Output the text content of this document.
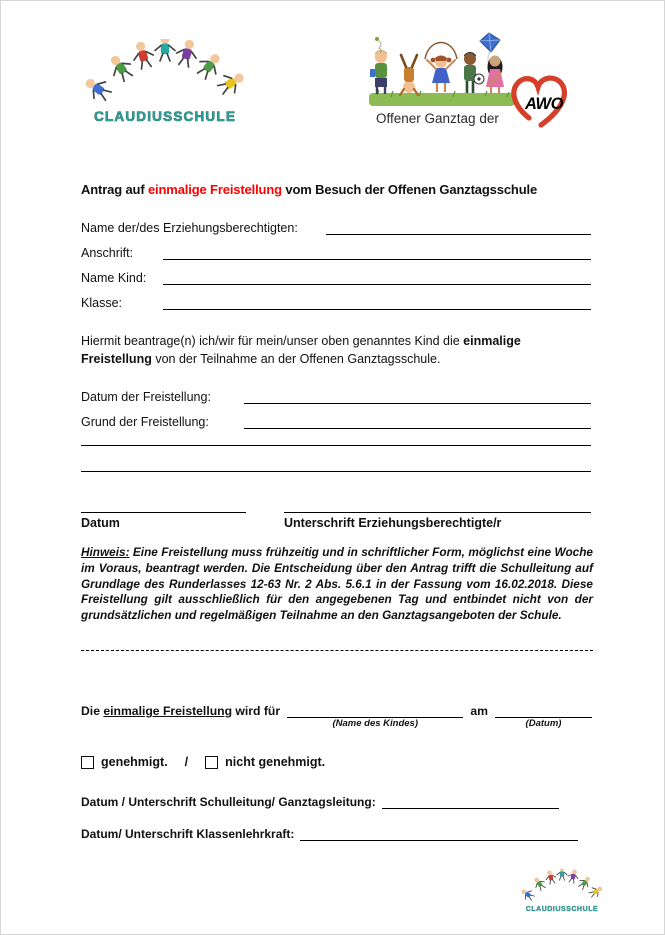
Offener Ganztag der
AWO
Antrag auf einmalige Freistellung vom Besuch der Offenen Ganztagsschule
Name der/des Erziehungsberechtigten:
Anschrift:
Name Kind:
Klasse:
Hiermit beantrage(n) ich/wir für mein/unser oben genanntes Kind die einmalige Freistellung von der Teilnahme an der Offenen Ganztagsschule.
Datum der Freistellung:
Grund der Freistellung:
Datum	Unterschrift Erziehungsberechtigte/r
Hinweis: Eine Freistellung muss frühzeitig und in schriftlicher Form, möglichst eine Woche im Voraus, beantragt werden. Die Entscheidung über den Antrag trifft die Schulleitung auf Grundlage des Runderlasses 12-63 Nr. 2 Abs. 5.6.1 in der Fassung vom 16.02.2018. Diese Freistellung gilt ausschließlich für den angegebenen Tag und entbindet nicht von der grundsätzlichen und regelmäßigen Teilnahme an den Ganztagsangeboten der Schule.
Die einmalige Freistellung wird für
(Name des Kindes)
am
(Datum)
genehmigt. /	nicht genehmigt.
Datum / Unterschrift Schulleitung/ Ganztagsleitung:
Datum/ Unterschrift Klassenlehrkraft:
